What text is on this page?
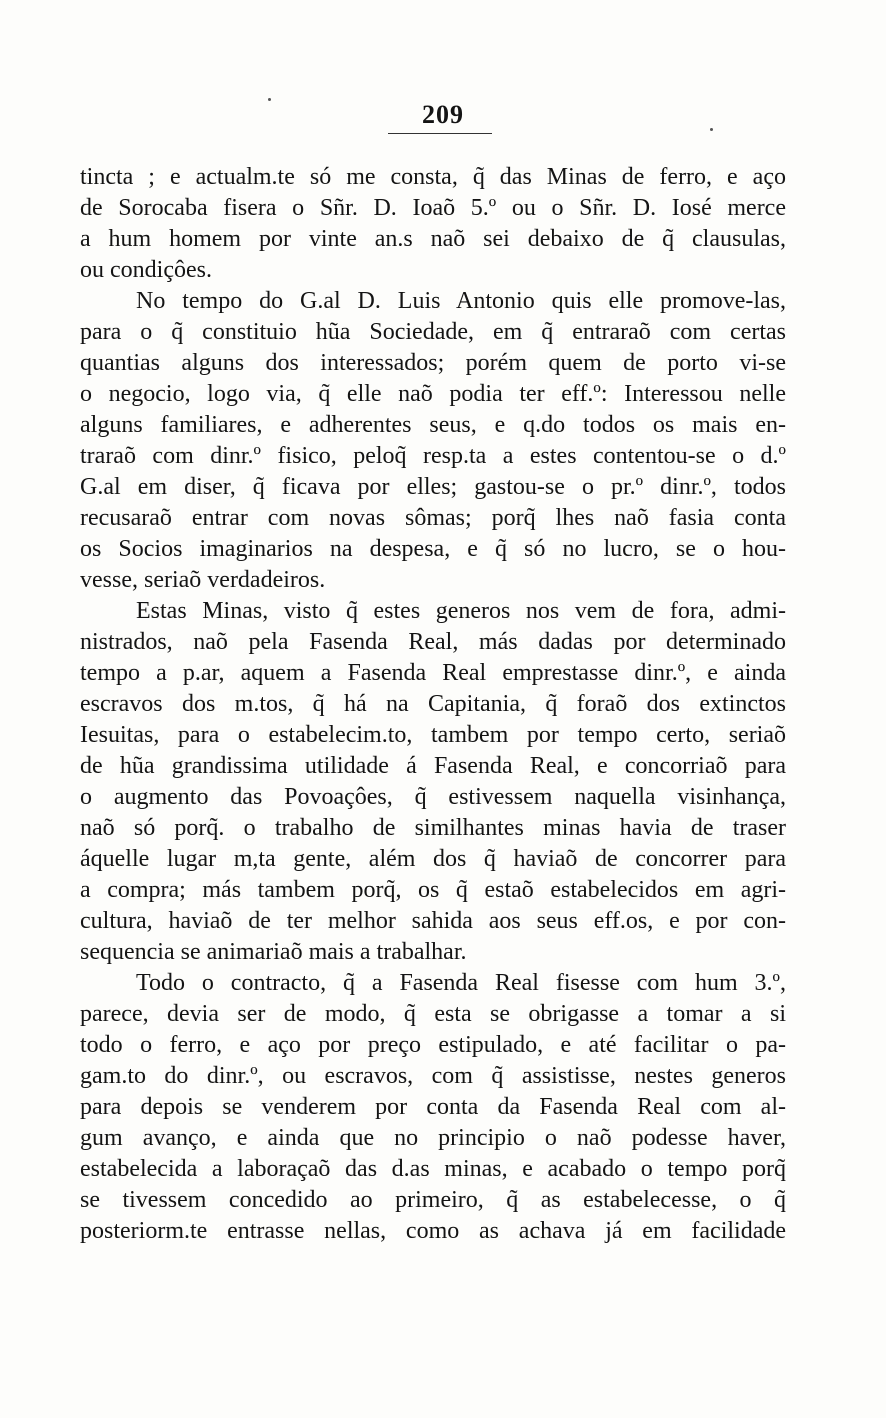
209
tincta ; e actualm.te só me consta, q̃ das Minas de ferro, e aço
de Sorocaba fisera o Sñr. D. Ioaõ 5.º ou o Sñr. D. Iosé merce
a hum homem por vinte an.s naõ sei debaixo de q̃ clausulas,
ou condiçôes.
No tempo do G.al D. Luis Antonio quis elle promove-las,
para o q̃ constituio hũa Sociedade, em q̃ entraraõ com certas
quantias alguns dos interessados; porém quem de porto vi-se
o negocio, logo via, q̃ elle naõ podia ter eff.º: Interessou nelle
alguns familiares, e adherentes seus, e q.do todos os mais en-
traraõ com dinr.º fisico, peloq̃ resp.ta a estes contentou-se o d.º
G.al em diser, q̃ ficava por elles; gastou-se o pr.º dinr.º, todos
recusaraõ entrar com novas sômas; porq̃ lhes naõ fasia conta
os Socios imaginarios na despesa, e q̃ só no lucro, se o hou-
vesse, seriaõ verdadeiros.
Estas Minas, visto q̃ estes generos nos vem de fora, admi-
nistrados, naõ pela Fasenda Real, más dadas por determinado
tempo a p.ar, aquem a Fasenda Real emprestasse dinr.º, e ainda
escravos dos m.tos, q̃ há na Capitania, q̃ foraõ dos extinctos
Iesuitas, para o estabelecim.to, tambem por tempo certo, seriaõ
de hũa grandissima utilidade á Fasenda Real, e concorriaõ para
o augmento das Povoaçôes, q̃ estivessem naquella visinhança,
naõ só porq̃. o trabalho de similhantes minas havia de traser
áquelle lugar m,ta gente, além dos q̃ haviaõ de concorrer para
a compra; más tambem porq̃, os q̃ estaõ estabelecidos em agri-
cultura, haviaõ de ter melhor sahida aos seus eff.os, e por con-
sequencia se animariaõ mais a trabalhar.
Todo o contracto, q̃ a Fasenda Real fisesse com hum 3.º,
parece, devia ser de modo, q̃ esta se obrigasse a tomar a si
todo o ferro, e aço por preço estipulado, e até facilitar o pa-
gam.to do dinr.º, ou escravos, com q̃ assistisse, nestes generos
para depois se venderem por conta da Fasenda Real com al-
gum avanço, e ainda que no principio o naõ podesse haver,
estabelecida a laboraçaõ das d.as minas, e acabado o tempo porq̃
se tivessem concedido ao primeiro, q̃ as estabelecesse, o q̃
posteriorm.te entrasse nellas, como as achava já em facilidade
